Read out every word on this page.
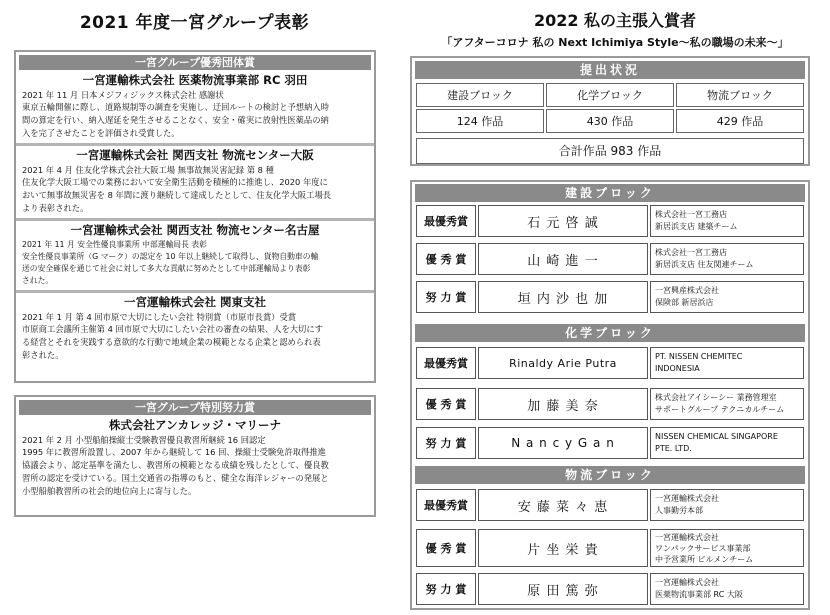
2021 年度一宮グループ表彰
一宮グループ優秀団体賞
一宮運輸株式会社 医薬物流事業部 RC 羽田
2021 年 11 月 日本メジフィジックス株式会社 感謝状
東京五輪開催に際し、道路規制等の調査を実施し、迂回ルートの検討と予想納入時
間の算定を行い、納入遅延を発生させることなく、安全・確実に放射性医薬品の納
入を完了させたことを評価され受賞した。
一宮運輸株式会社 関西支社 物流センター大阪
2021 年 4 月 住友化学株式会社大阪工場 無事故無災害記録 第 8 種
住友化学大阪工場での業務において安全衛生活動を積極的に推進し、2020 年度に
おいて無事故無災害を 8 年間に渡り継続して達成したとして、住友化学大阪工場長
より表彰された。
一宮運輸株式会社 関西支社 物流センター名古屋
2021 年 11 月 安全性優良事業所 中部運輸局長 表彰
安全性優良事業所（G マーク）の認定を 10 年以上継続して取得し、貨物自動車の輸
送の安全確保を通じて社会に対して多大な貢献に努めたとして中部運輸局より表彰
された。
一宮運輸株式会社 関東支社
2021 年 1 月 第 4 回市原で大切にしたい会社 特別賞（市原市長賞）受賞
市原商工会議所主催第 4 回市原で大切にしたい会社の審査の結果、人を大切にす
る経営とそれを実践する意欲的な行動で地域企業の模範となる企業と認められ表
彰された。
一宮グループ特別努力賞
株式会社アンカレッジ・マリーナ
2021 年 2 月 小型船舶操縦士受験教習優良教習所継続 16 回認定
1995 年に教習所設置し、2007 年から継続して 16 回、操縦士受験免許取得推進
協議会より、認定基準を満たし、教習所の模範となる成績を残したとして、優良教
習所の認定を受けている。国土交通省の指導のもと、健全な海洋レジャーの発展と
小型船舶教習所の社会的地位向上に寄与した。
2022 私の主張入賞者
「アフターコロナ 私の Next Ichimiya Style〜私の職場の未来〜」
提出状況
建設ブロック	化学ブロック	物流ブロック
124 作品	430 作品	429 作品
合計作品 983 作品
建設ブロック
最優秀賞	石 元 啓 誠
株式会社一宮工務店
新居浜支店 建築チーム
優 秀 賞	山 崎 進 一
株式会社一宮工務店
新居浜支店 住友関連チーム
努 力 賞	垣 内 沙 也 加
一宮興産株式会社
保険部 新居浜店
化学ブロック
最優秀賞	Rinaldy Arie Putra	PT. NISSEN CHEMITEC
INDONESIA
優 秀 賞	加 藤 美 奈
株式会社アイシーシー 業務管理室
サポートグループ テクニカルチーム
努 力 賞	N a n c y G a n	NISSEN CHEMICAL SINGAPORE
PTE. LTD.
物流ブロック
最優秀賞	安 藤 菜 々 恵
一宮運輸株式会社
人事勤労本部
優 秀 賞	片 坐 栄 貴
一宮運輸株式会社
ワンパックサービス事業部
中予営業所 ビルメンチーム
努 力 賞	原 田 篤 弥
一宮運輸株式会社
医薬物流事業部 RC 大阪
